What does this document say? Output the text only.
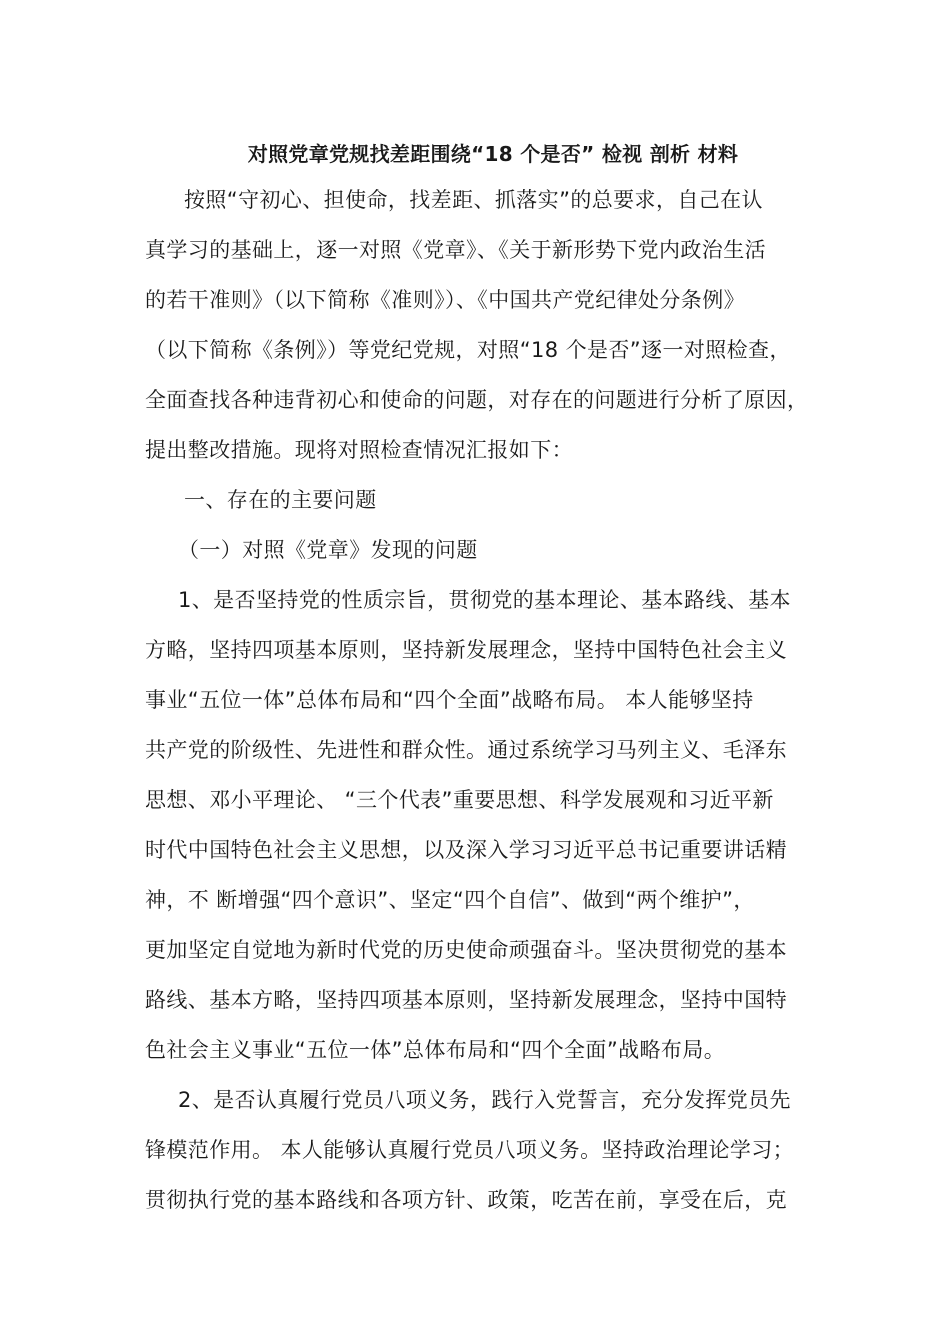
对照党章党规找差距围绕“18 个是否” 检视 剖析 材料
按照“守初心、担使命，找差距、抓落实”的总要求，自己在认
真学习的基础上，逐一对照《党章》、《关于新形势下党内政治生活
的若干准则》（以下简称《准则》）、《中国共产党纪律处分条例》
（以下简称《条例》）等党纪党规，对照“18 个是否”逐一对照检查，
全面查找各种违背初心和使命的问题，对存在的问题进行分析了原因，
提出整改措施。现将对照检查情况汇报如下：
一、存在的主要问题
（一）对照《党章》发现的问题
1、是否坚持党的性质宗旨，贯彻党的基本理论、基本路线、基本
方略，坚持四项基本原则，坚持新发展理念，坚持中国特色社会主义
事业“五位一体”总体布局和“四个全面”战略布局。 本人能够坚持
共产党的阶级性、先进性和群众性。通过系统学习马列主义、毛泽东
思想、邓小平理论、 “三个代表”重要思想、科学发展观和习近平新
时代中国特色社会主义思想，以及深入学习习近平总书记重要讲话精
神，不 断增强“四个意识”、坚定“四个自信”、做到“两个维护”，
更加坚定自觉地为新时代党的历史使命顽强奋斗。坚决贯彻党的基本
路线、基本方略，坚持四项基本原则，坚持新发展理念，坚持中国特
色社会主义事业“五位一体”总体布局和“四个全面”战略布局。
2、是否认真履行党员八项义务，践行入党誓言，充分发挥党员先
锋模范作用。 本人能够认真履行党员八项义务。坚持政治理论学习；
贯彻执行党的基本路线和各项方针、政策，吃苦在前，享受在后，克
